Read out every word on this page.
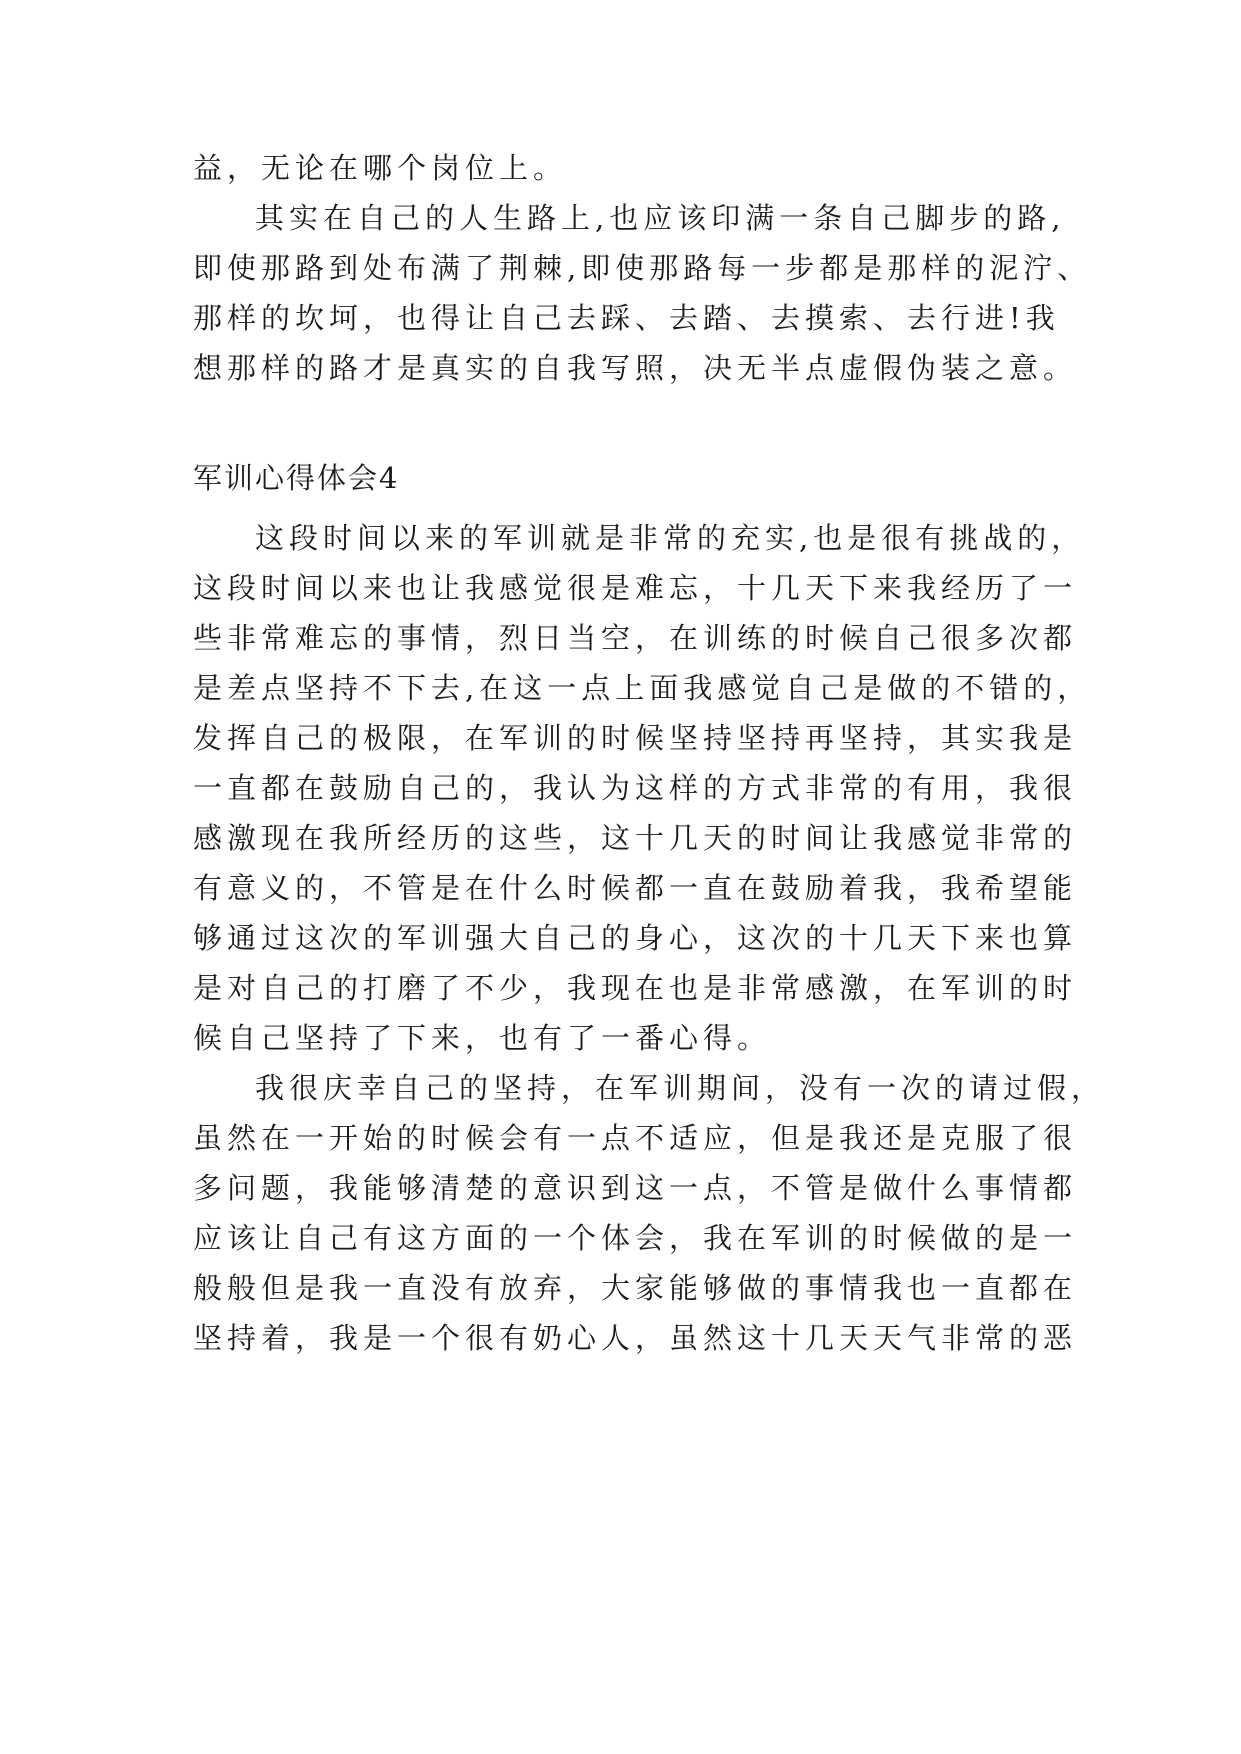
益，无论在哪个岗位上。
其实在自己的人生路上,也应该印满一条自己脚步的路,
即使那路到处布满了荆棘,即使那路每一步都是那样的泥泞、
那样的坎坷，也得让自己去踩、去踏、去摸索、去行进!我
想那样的路才是真实的自我写照，决无半点虚假伪装之意。
军训心得体会4
这段时间以来的军训就是非常的充实,也是很有挑战的，
这段时间以来也让我感觉很是难忘，十几天下来我经历了一
些非常难忘的事情，烈日当空，在训练的时候自己很多次都
是差点坚持不下去,在这一点上面我感觉自己是做的不错的，
发挥自己的极限，在军训的时候坚持坚持再坚持，其实我是
一直都在鼓励自己的，我认为这样的方式非常的有用，我很
感激现在我所经历的这些，这十几天的时间让我感觉非常的
有意义的，不管是在什么时候都一直在鼓励着我，我希望能
够通过这次的军训强大自己的身心，这次的十几天下来也算
是对自己的打磨了不少，我现在也是非常感激，在军训的时
候自己坚持了下来，也有了一番心得。
我很庆幸自己的坚持，在军训期间，没有一次的请过假，
虽然在一开始的时候会有一点不适应，但是我还是克服了很
多问题，我能够清楚的意识到这一点，不管是做什么事情都
应该让自己有这方面的一个体会，我在军训的时候做的是一
般般但是我一直没有放弃，大家能够做的事情我也一直都在
坚持着，我是一个很有奶心人，虽然这十几天天气非常的恶
